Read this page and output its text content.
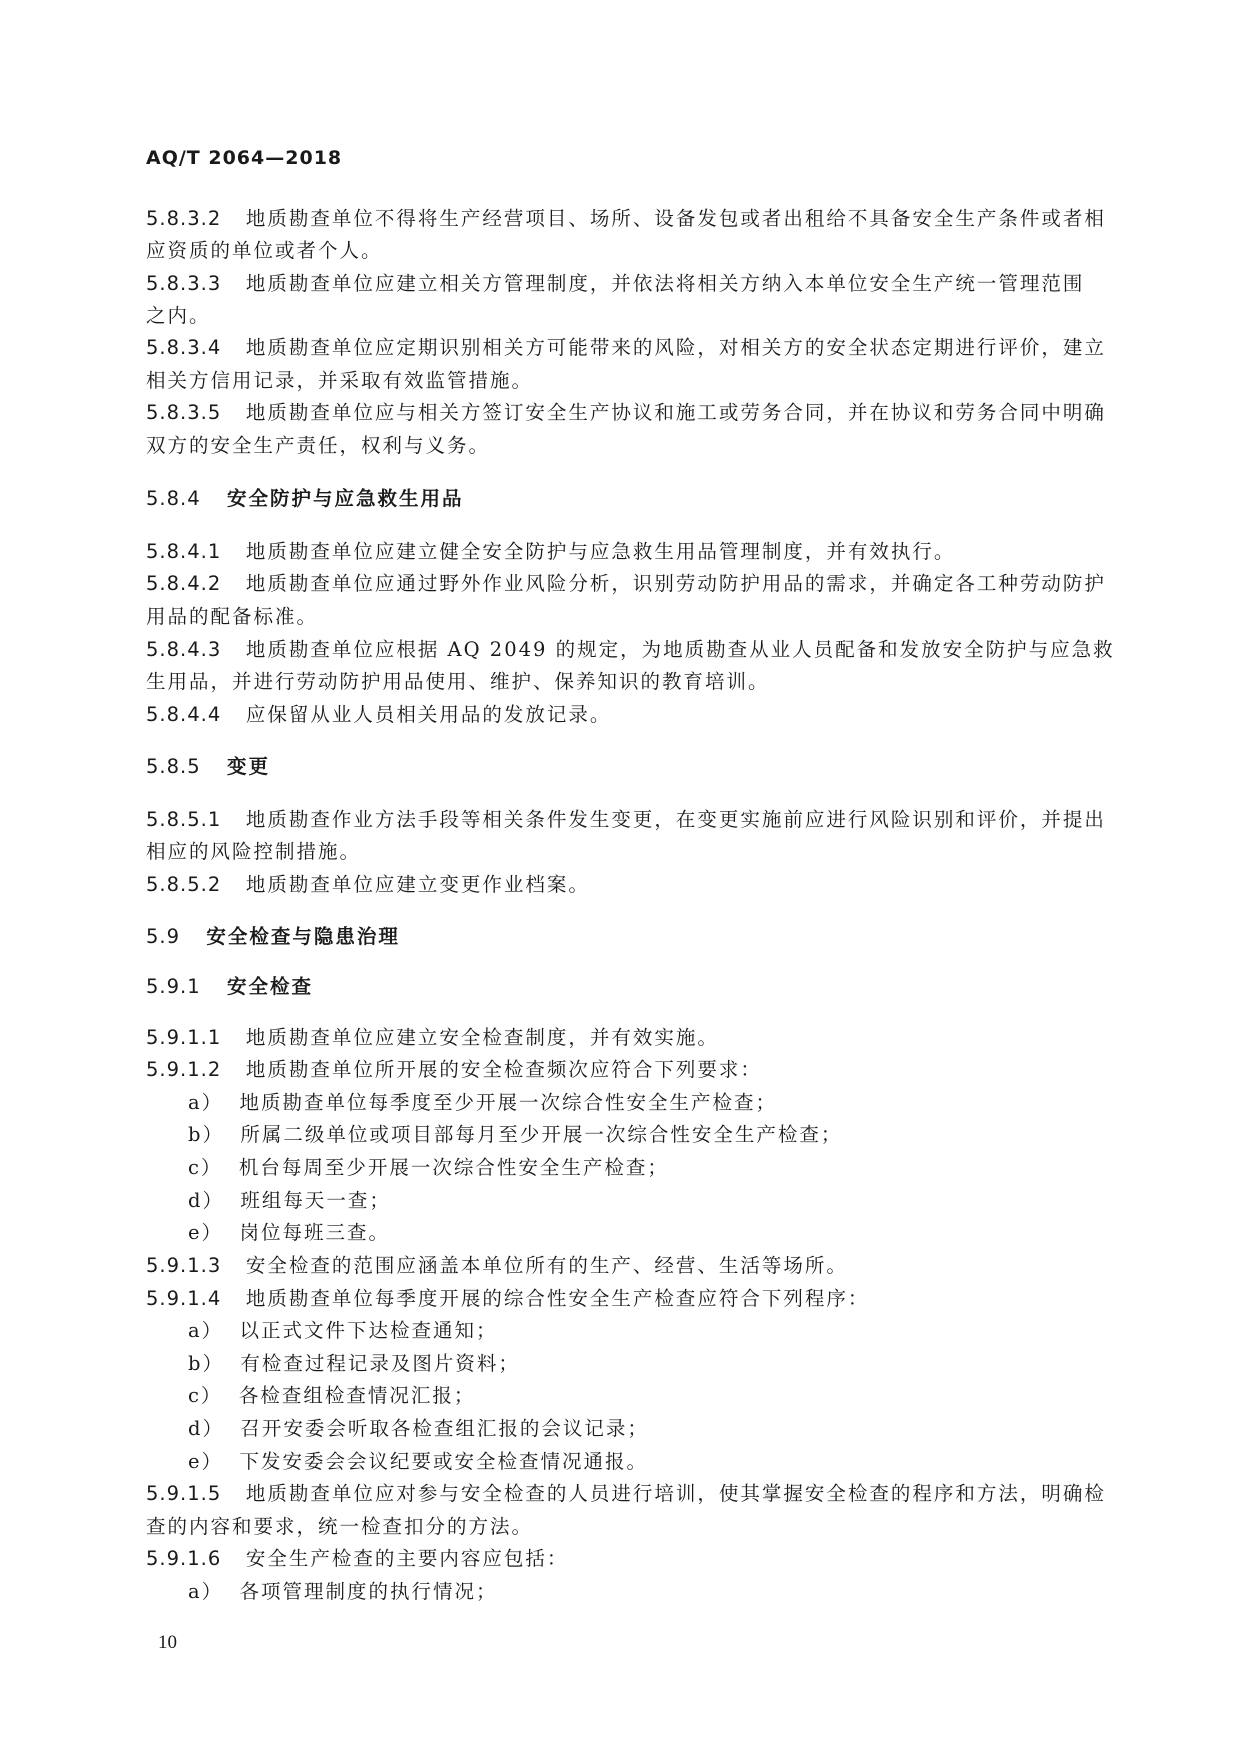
AQ/T 2064—2018
5.8.3.2 地质勘查单位不得将生产经营项目、场所、设备发包或者出租给不具备安全生产条件或者相
应资质的单位或者个人。
5.8.3.3 地质勘查单位应建立相关方管理制度，并依法将相关方纳入本单位安全生产统一管理范围
之内。
5.8.3.4 地质勘查单位应定期识别相关方可能带来的风险，对相关方的安全状态定期进行评价，建立
相关方信用记录，并采取有效监管措施。
5.8.3.5 地质勘查单位应与相关方签订安全生产协议和施工或劳务合同，并在协议和劳务合同中明确
双方的安全生产责任，权利与义务。
5.8.4 安全防护与应急救生用品
5.8.4.1 地质勘查单位应建立健全安全防护与应急救生用品管理制度，并有效执行。
5.8.4.2 地质勘查单位应通过野外作业风险分析，识别劳动防护用品的需求，并确定各工种劳动防护
用品的配备标准。
5.8.4.3 地质勘查单位应根据 AQ 2049 的规定，为地质勘查从业人员配备和发放安全防护与应急救
生用品，并进行劳动防护用品使用、维护、保养知识的教育培训。
5.8.4.4 应保留从业人员相关用品的发放记录。
5.8.5 变更
5.8.5.1 地质勘查作业方法手段等相关条件发生变更，在变更实施前应进行风险识别和评价，并提出
相应的风险控制措施。
5.8.5.2 地质勘查单位应建立变更作业档案。
5.9 安全检查与隐患治理
5.9.1 安全检查
5.9.1.1 地质勘查单位应建立安全检查制度，并有效实施。
5.9.1.2 地质勘查单位所开展的安全检查频次应符合下列要求：
a） 地质勘查单位每季度至少开展一次综合性安全生产检查；
b） 所属二级单位或项目部每月至少开展一次综合性安全生产检查；
c） 机台每周至少开展一次综合性安全生产检查；
d） 班组每天一查；
e） 岗位每班三查。
5.9.1.3 安全检查的范围应涵盖本单位所有的生产、经营、生活等场所。
5.9.1.4 地质勘查单位每季度开展的综合性安全生产检查应符合下列程序：
a） 以正式文件下达检查通知；
b） 有检查过程记录及图片资料；
c） 各检查组检查情况汇报；
d） 召开安委会听取各检查组汇报的会议记录；
e） 下发安委会会议纪要或安全检查情况通报。
5.9.1.5 地质勘查单位应对参与安全检查的人员进行培训，使其掌握安全检查的程序和方法，明确检
查的内容和要求，统一检查扣分的方法。
5.9.1.6 安全生产检查的主要内容应包括：
a） 各项管理制度的执行情况；
10
